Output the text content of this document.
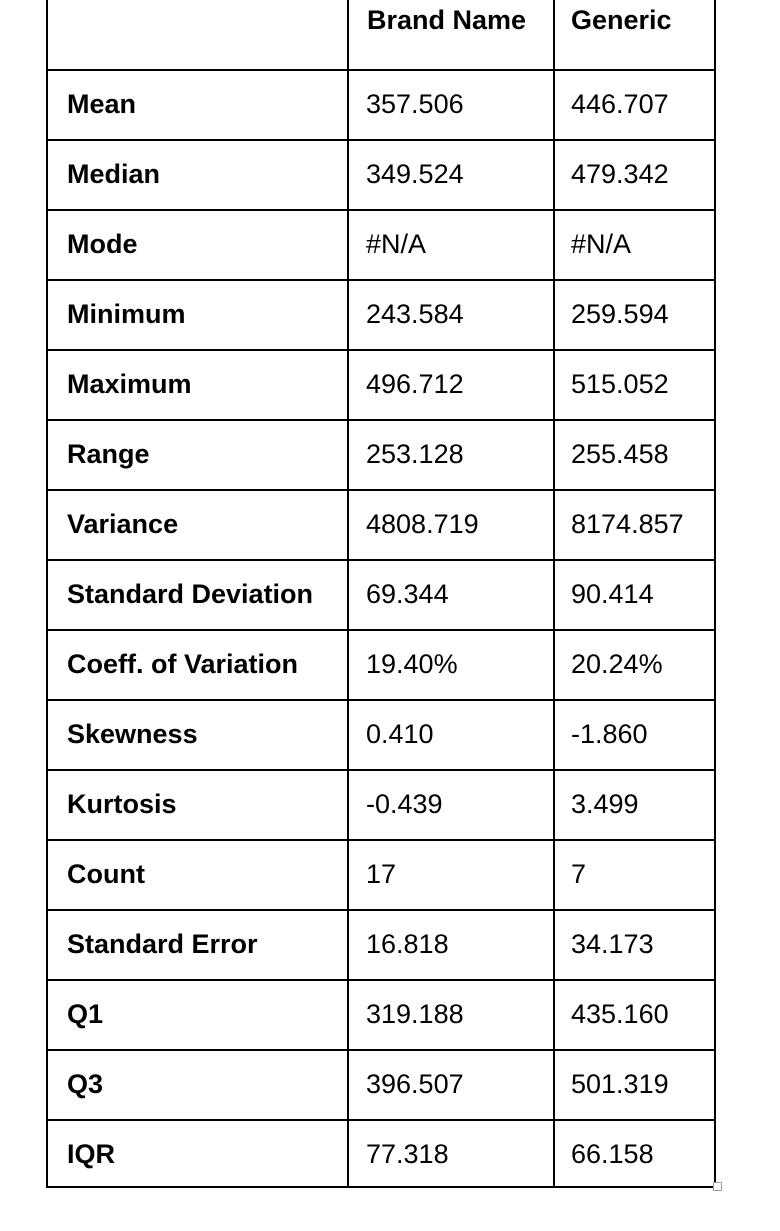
	Brand Name	Generic
Mean	357.506	446.707
Median	349.524	479.342
Mode	#N/A	#N/A
Minimum	243.584	259.594
Maximum	496.712	515.052
Range	253.128	255.458
Variance	4808.719	8174.857
Standard Deviation	69.344	90.414
Coeff. of Variation	19.40%	20.24%
Skewness	0.410	-1.860
Kurtosis	-0.439	3.499
Count	17	7
Standard Error	16.818	34.173
Q1	319.188	435.160
Q3	396.507	501.319
IQR	77.318	66.158
